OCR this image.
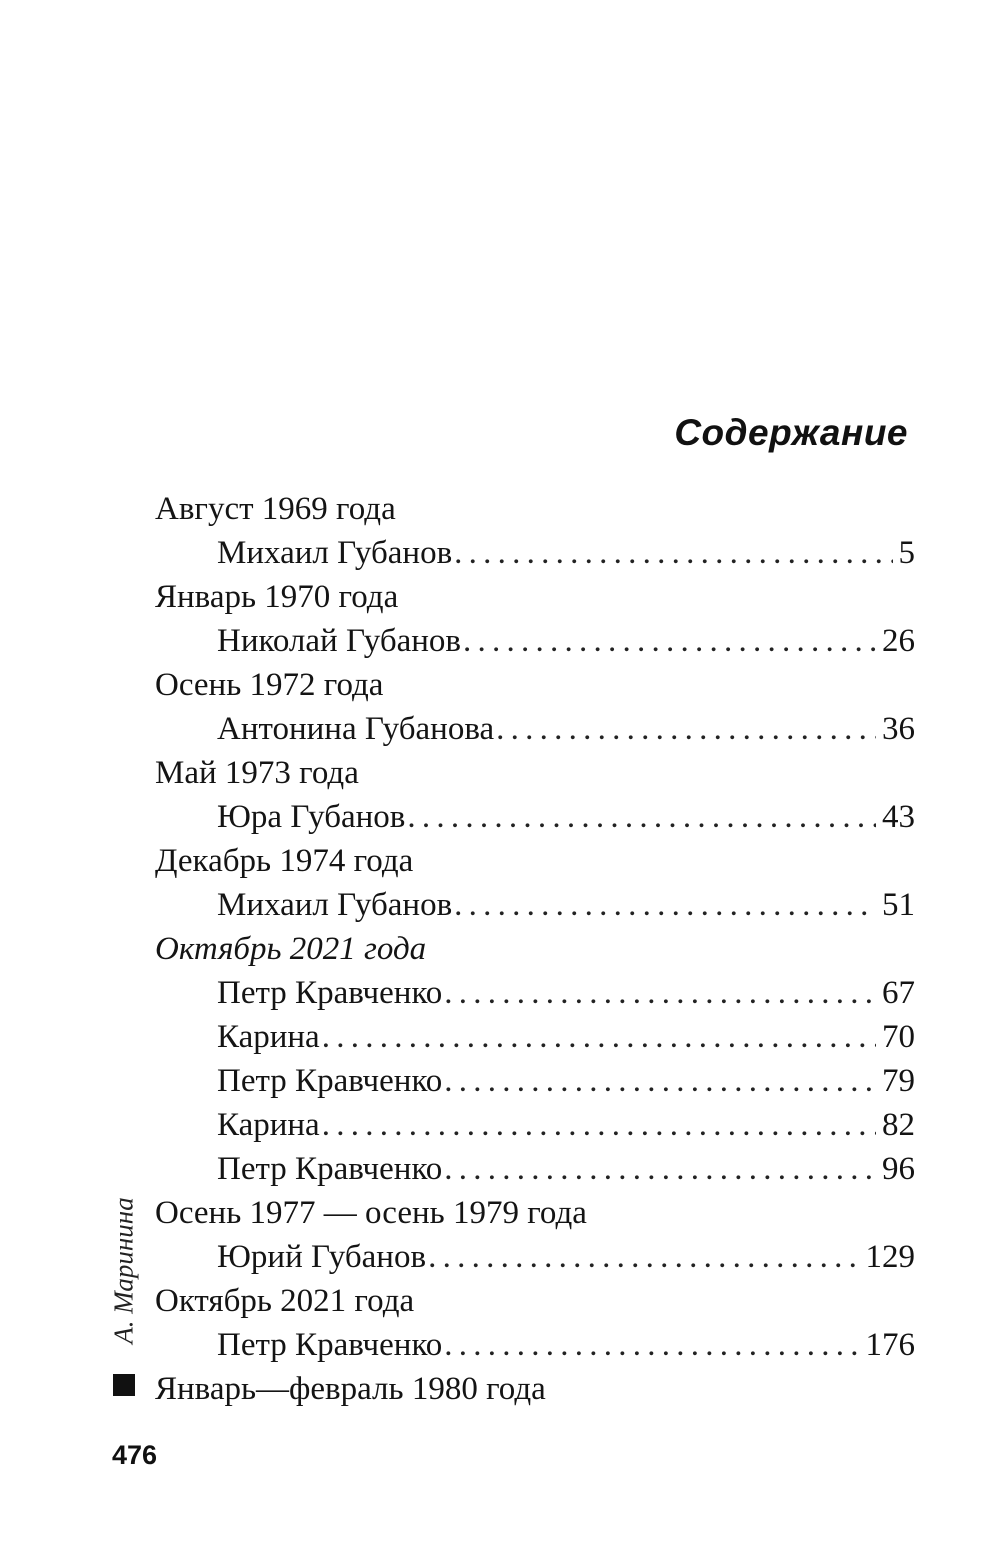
Содержание
Август 1969 года
Михаил Губанов . . .	5
Январь 1970 года
Николай Губанов . . .	26
Осень 1972 года
Антонина Губанова . . .	36
Май 1973 года
Юра Губанов . . .	43
Декабрь 1974 года
Михаил Губанов . . .	51
Октябрь 2021 года
Петр Кравченко . . .	67
Карина . . .	70
Петр Кравченко . . .	79
Карина . . .	82
Петр Кравченко . . .	96
Осень 1977 — осень 1979 года
Юрий Губанов . . .	129
Октябрь 2021 года
Петр Кравченко . . .	176
Январь—февраль 1980 года
А. Маринина
476
